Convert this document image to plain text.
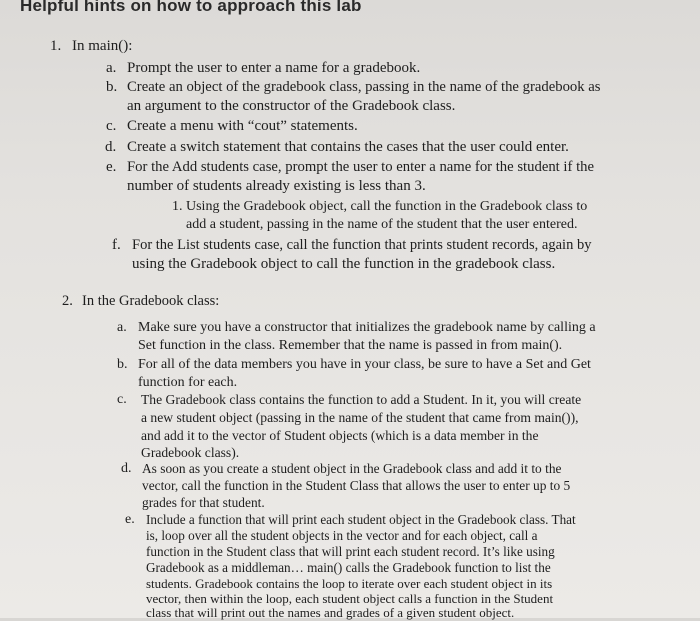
Helpful hints on how to approach this lab
1. In main():
a. Prompt the user to enter a name for a gradebook.
b. Create an object of the gradebook class, passing in the name of the gradebook as
an argument to the constructor of the Gradebook class.
c. Create a menu with “cout” statements.
d. Create a switch statement that contains the cases that the user could enter.
e. For the Add students case, prompt the user to enter a name for the student if the
number of students already existing is less than 3.
1. Using the Gradebook object, call the function in the Gradebook class to
add a student, passing in the name of the student that the user entered.
f. For the List students case, call the function that prints student records, again by
using the Gradebook object to call the function in the gradebook class.
2. In the Gradebook class:
a. Make sure you have a constructor that initializes the gradebook name by calling a
Set function in the class. Remember that the name is passed in from main().
b. For all of the data members you have in your class, be sure to have a Set and Get
function for each.
c. The Gradebook class contains the function to add a Student. In it, you will create
a new student object (passing in the name of the student that came from main()),
and add it to the vector of Student objects (which is a data member in the
Gradebook class).
d. As soon as you create a student object in the Gradebook class and add it to the
vector, call the function in the Student Class that allows the user to enter up to 5
grades for that student.
e. Include a function that will print each student object in the Gradebook class. That
is, loop over all the student objects in the vector and for each object, call a
function in the Student class that will print each student record. It’s like using
Gradebook as a middleman… main() calls the Gradebook function to list the
students. Gradebook contains the loop to iterate over each student object in its
vector, then within the loop, each student object calls a function in the Student
class that will print out the names and grades of a given student object.
